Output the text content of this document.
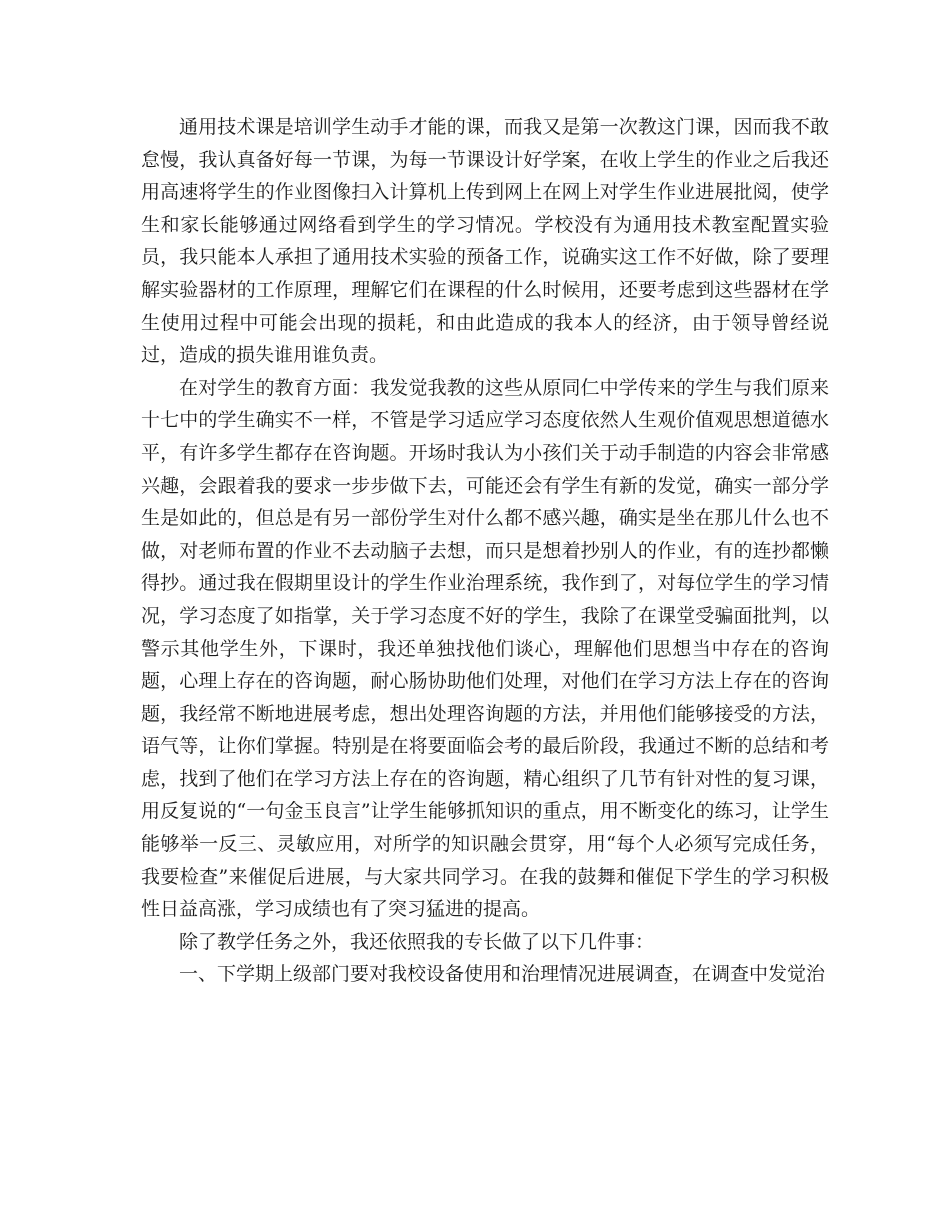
通用技术课是培训学生动手才能的课，而我又是第一次教这门课，因而我不敢怠慢，我认真备好每一节课，为每一节课设计好学案，在收上学生的作业之后我还用高速将学生的作业图像扫入计算机上传到网上在网上对学生作业进展批阅，使学生和家长能够通过网络看到学生的学习情况。学校没有为通用技术教室配置实验员，我只能本人承担了通用技术实验的预备工作，说确实这工作不好做，除了要理解实验器材的工作原理，理解它们在课程的什么时候用，还要考虑到这些器材在学生使用过程中可能会出现的损耗，和由此造成的我本人的经济，由于领导曾经说过，造成的损失谁用谁负责。

在对学生的教育方面：我发觉我教的这些从原同仁中学传来的学生与我们原来十七中的学生确实不一样，不管是学习适应学习态度依然人生观价值观思想道德水平，有许多学生都存在咨询题。开场时我认为小孩们关于动手制造的内容会非常感兴趣，会跟着我的要求一步步做下去，可能还会有学生有新的发觉，确实一部分学生是如此的，但总是有另一部份学生对什么都不感兴趣，确实是坐在那儿什么也不做，对老师布置的作业不去动脑子去想，而只是想着抄别人的作业，有的连抄都懒得抄。通过我在假期里设计的学生作业治理系统，我作到了，对每位学生的学习情况，学习态度了如指掌，关于学习态度不好的学生，我除了在课堂受骗面批判，以警示其他学生外，下课时，我还单独找他们谈心，理解他们思想当中存在的咨询题，心理上存在的咨询题，耐心肠协助他们处理，对他们在学习方法上存在的咨询题，我经常不断地进展考虑，想出处理咨询题的方法，并用他们能够接受的方法，语气等，让你们掌握。特别是在将要面临会考的最后阶段，我通过不断的总结和考虑，找到了他们在学习方法上存在的咨询题，精心组织了几节有针对性的复习课，用反复说的“一句金玉良言”让学生能够抓知识的重点，用不断变化的练习，让学生能够举一反三、灵敏应用，对所学的知识融会贯穿，用“每个人必须写完成任务，我要检查”来催促后进展，与大家共同学习。在我的鼓舞和催促下学生的学习积极性日益高涨，学习成绩也有了突习猛进的提高。

除了教学任务之外，我还依照我的专长做了以下几件事：

一、下学期上级部门要对我校设备使用和治理情况进展调查，在调查中发觉治
